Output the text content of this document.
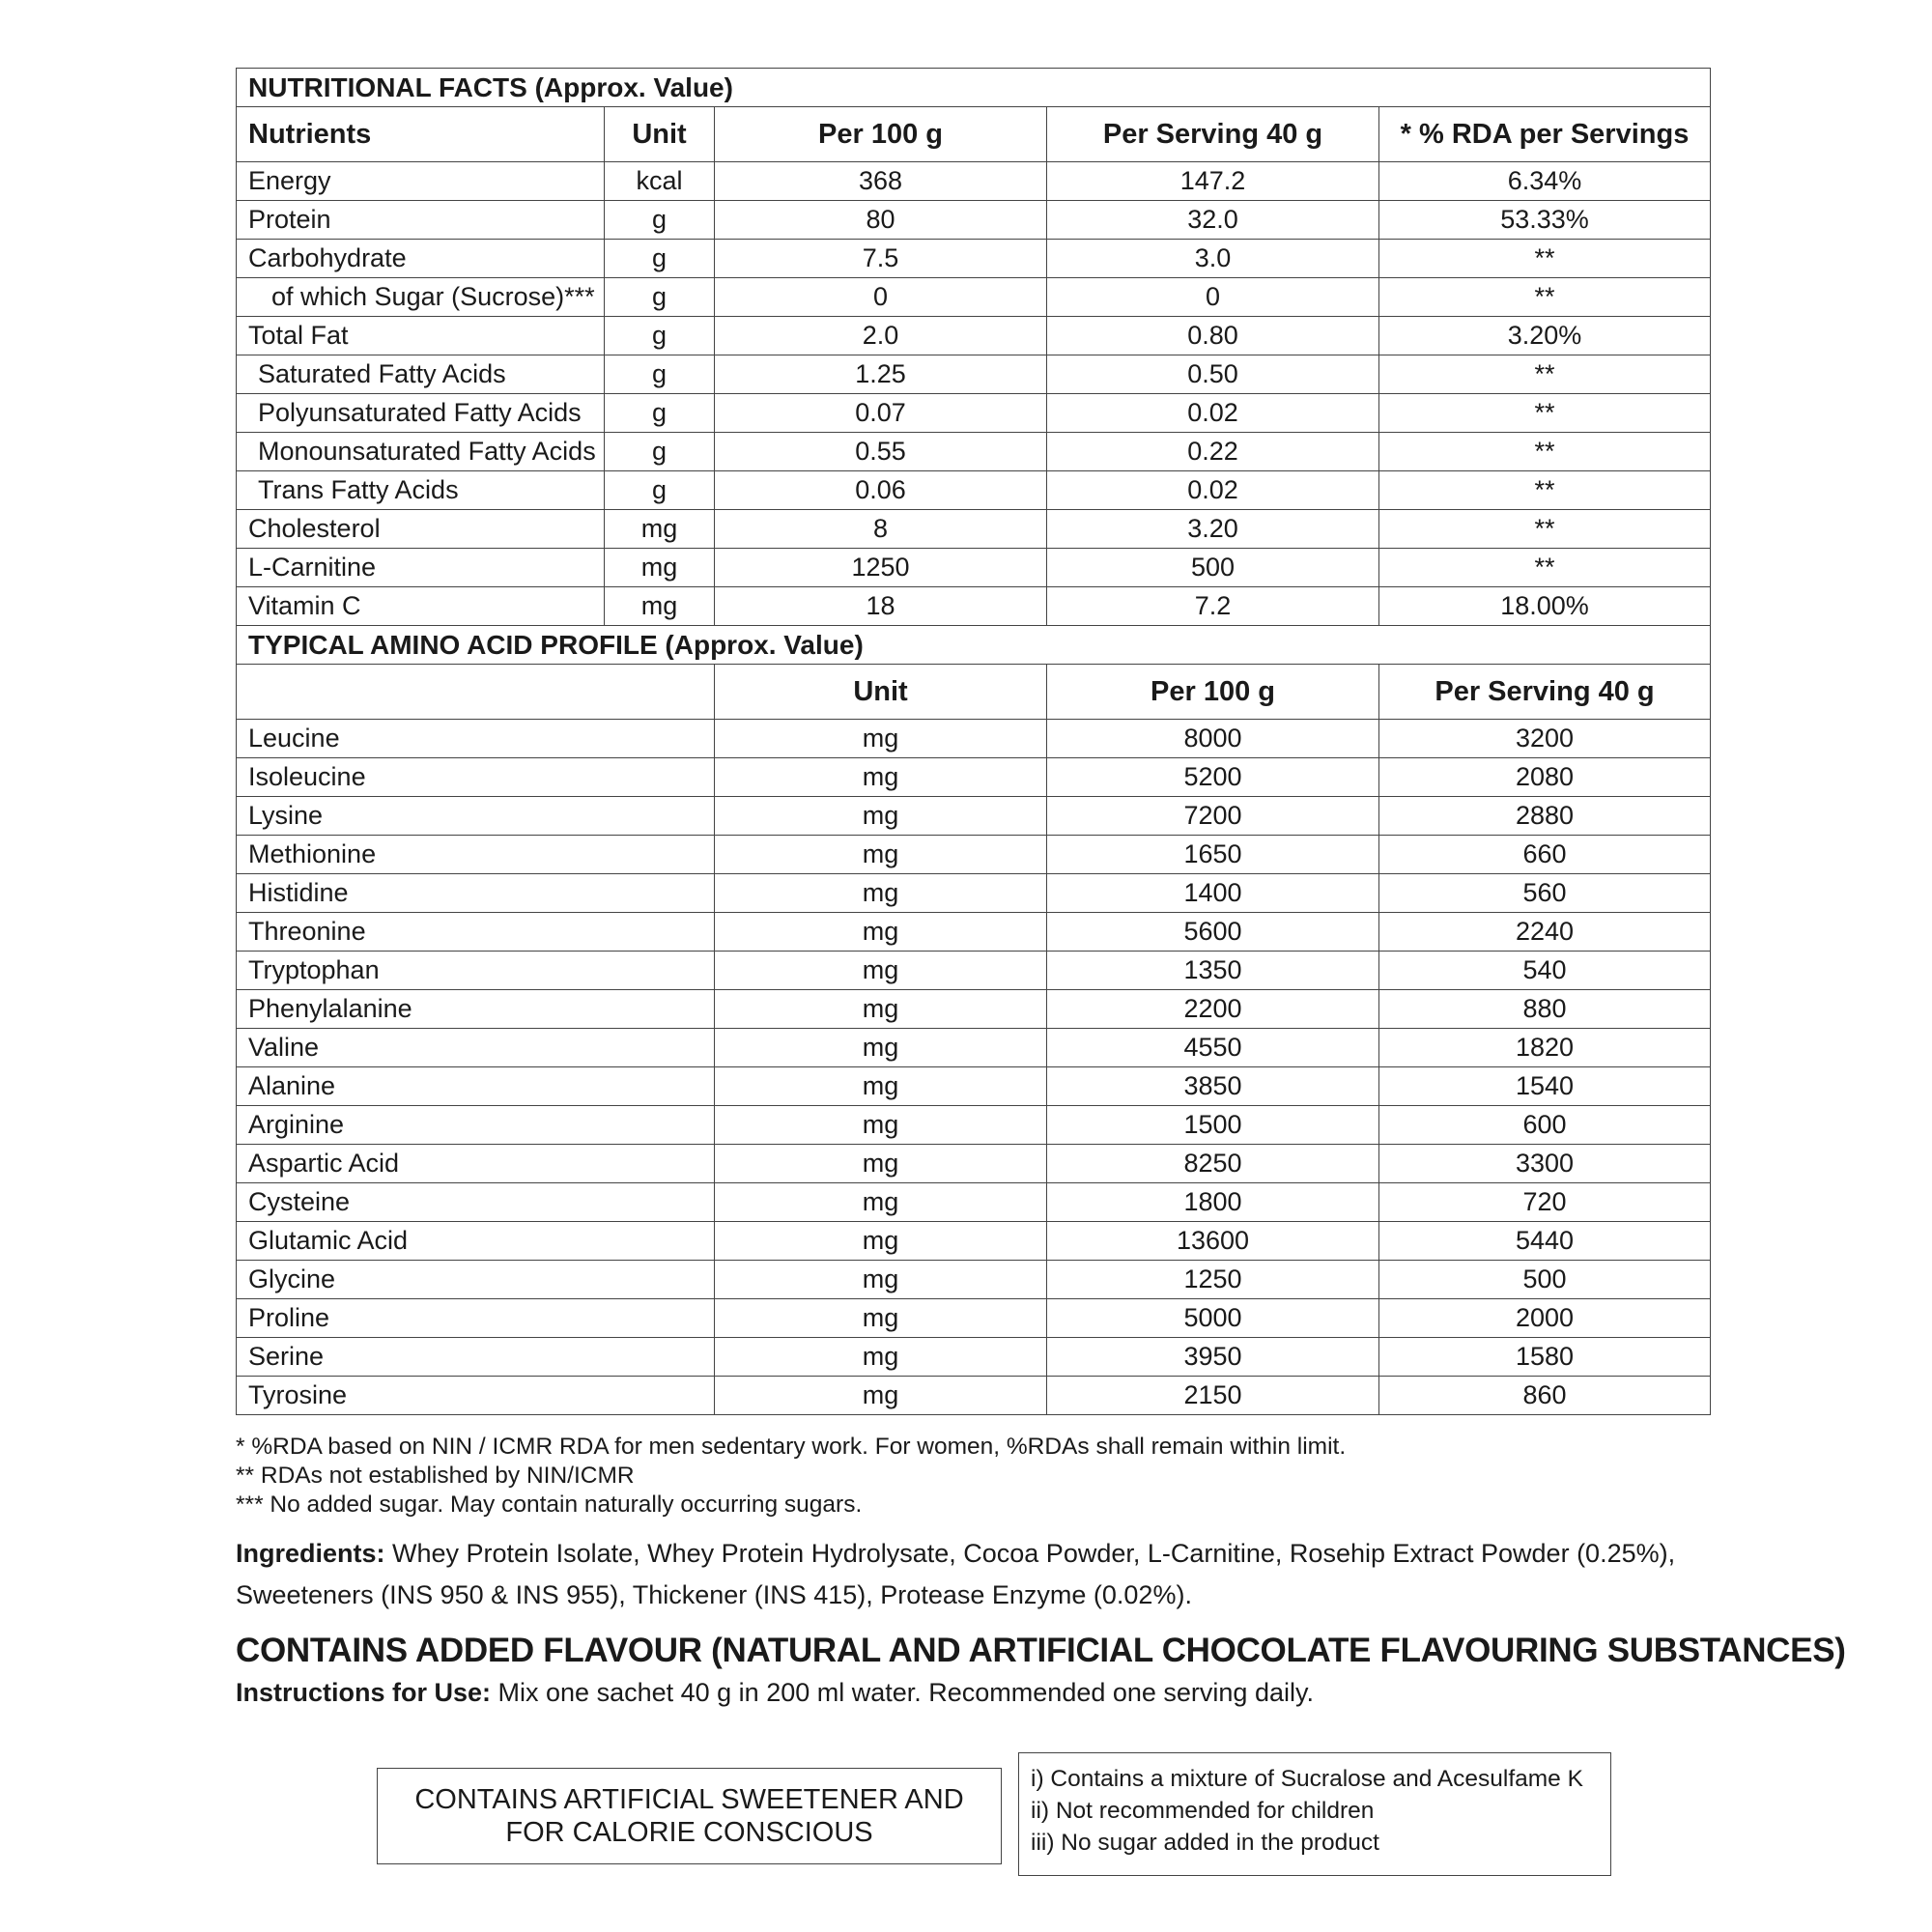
NUTRITIONAL FACTS (Approx. Value)				
Nutrients	Unit	Per 100 g	Per Serving 40 g	* % RDA per Servings
Energy	kcal	368	147.2	6.34%
Protein	g	80	32.0	53.33%
Carbohydrate	g	7.5	3.0	**
of which Sugar (Sucrose)***	g	0	0	**
Total Fat	g	2.0	0.80	3.20%
Saturated Fatty Acids	g	1.25	0.50	**
Polyunsaturated Fatty Acids	g	0.07	0.02	**
Monounsaturated Fatty Acids	g	0.55	0.22	**
Trans Fatty Acids	g	0.06	0.02	**
Cholesterol	mg	8	3.20	**
L-Carnitine	mg	1250	500	**
Vitamin C	mg	18	7.2	18.00%
TYPICAL AMINO ACID PROFILE (Approx. Value)				
		Unit	Per 100 g	Per Serving 40 g
Leucine		mg	8000	3200
Isoleucine		mg	5200	2080
Lysine		mg	7200	2880
Methionine		mg	1650	660
Histidine		mg	1400	560
Threonine		mg	5600	2240
Tryptophan		mg	1350	540
Phenylalanine		mg	2200	880
Valine		mg	4550	1820
Alanine		mg	3850	1540
Arginine		mg	1500	600
Aspartic Acid		mg	8250	3300
Cysteine		mg	1800	720
Glutamic Acid		mg	13600	5440
Glycine		mg	1250	500
Proline		mg	5000	2000
Serine		mg	3950	1580
Tyrosine		mg	2150	860
* %RDA based on NIN / ICMR RDA for men sedentary work. For women, %RDAs shall remain within limit.
** RDAs not established by NIN/ICMR
*** No added sugar. May contain naturally occurring sugars.
Ingredients: Whey Protein Isolate, Whey Protein Hydrolysate, Cocoa Powder, L-Carnitine, Rosehip Extract Powder (0.25%), Sweeteners (INS 950 & INS 955), Thickener (INS 415), Protease Enzyme (0.02%).
CONTAINS ADDED FLAVOUR (NATURAL AND ARTIFICIAL CHOCOLATE FLAVOURING SUBSTANCES)
Instructions for Use: Mix one sachet 40 g in 200 ml water. Recommended one serving daily.
CONTAINS ARTIFICIAL SWEETENER AND
FOR CALORIE CONSCIOUS
i) Contains a mixture of Sucralose and Acesulfame K
ii) Not recommended for children
iii) No sugar added in the product
